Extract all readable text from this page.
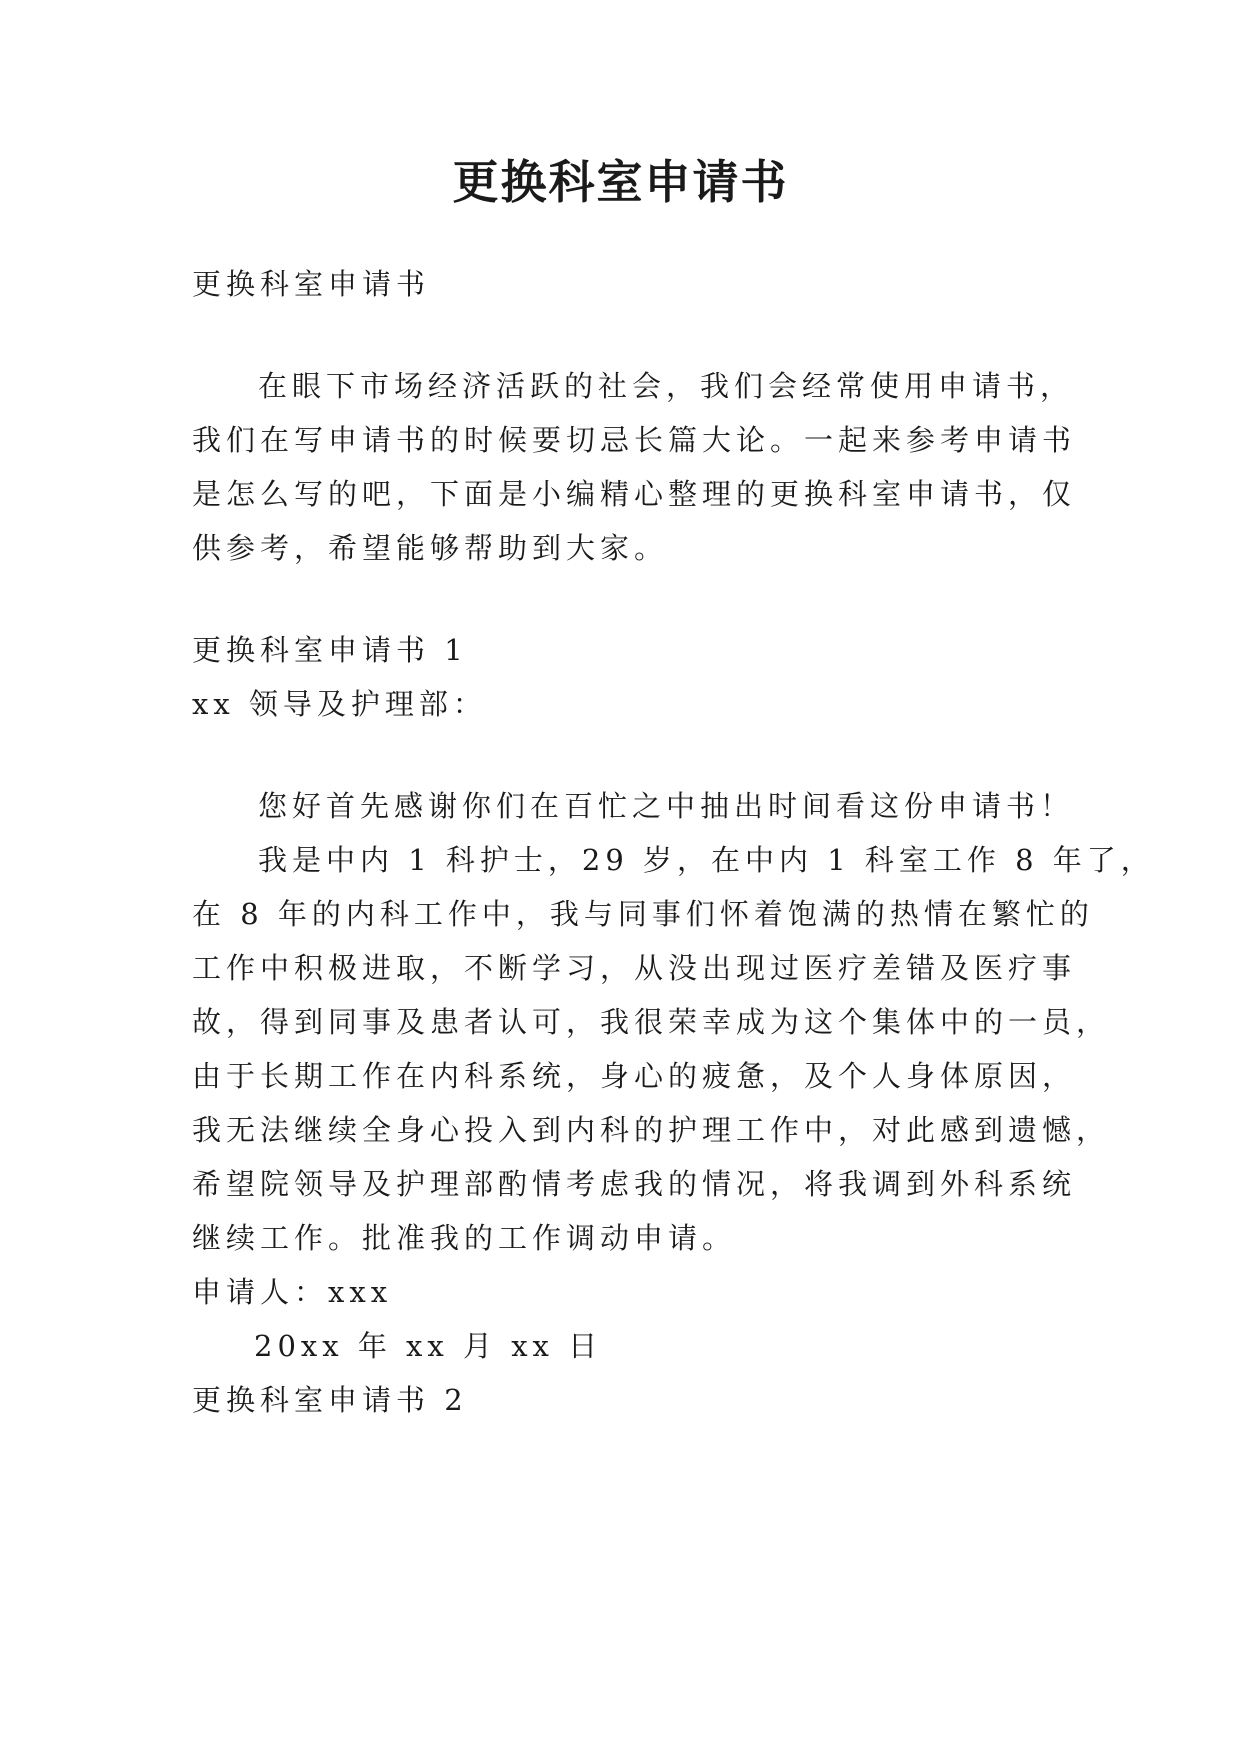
更换科室申请书
更换科室申请书
在眼下市场经济活跃的社会，我们会经常使用申请书，
我们在写申请书的时候要切忌长篇大论。一起来参考申请书
是怎么写的吧，下面是小编精心整理的更换科室申请书，仅
供参考，希望能够帮助到大家。
更换科室申请书 1
xx 领导及护理部：
您好首先感谢你们在百忙之中抽出时间看这份申请书！
我是中内 1 科护士，29 岁，在中内 1 科室工作 8 年了，
在 8 年的内科工作中，我与同事们怀着饱满的热情在繁忙的
工作中积极进取，不断学习，从没出现过医疗差错及医疗事
故，得到同事及患者认可，我很荣幸成为这个集体中的一员，
由于长期工作在内科系统，身心的疲惫，及个人身体原因，
我无法继续全身心投入到内科的护理工作中，对此感到遗憾，
希望院领导及护理部酌情考虑我的情况，将我调到外科系统
继续工作。批准我的工作调动申请。
申请人：xxx
20xx 年 xx 月 xx 日
更换科室申请书 2
